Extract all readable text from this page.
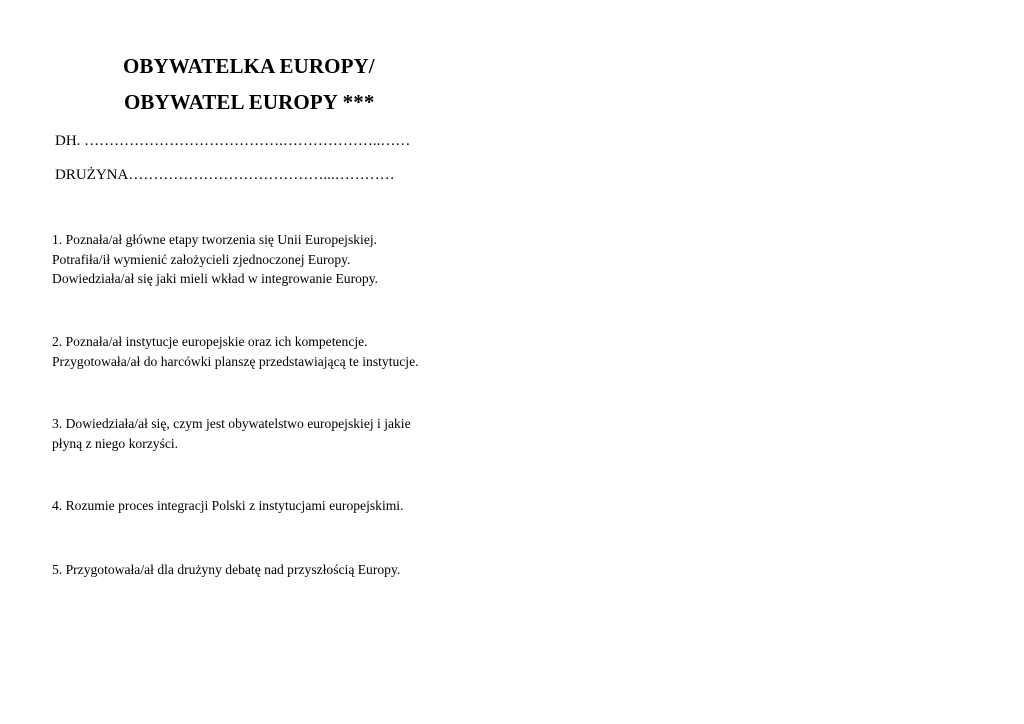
OBYWATELKA EUROPY/
OBYWATEL EUROPY ***
DH. ………………………………….………………..……
DRUŻYNA…………………………………...…………
1. Poznała/ał główne etapy tworzenia się Unii Europejskiej.
Potrafiła/ił wymienić założycieli zjednoczonej Europy.
Dowiedziała/ał się jaki mieli wkład w integrowanie Europy.
2. Poznała/ał instytucje europejskie oraz ich kompetencje.
Przygotowała/ał do harcówki planszę przedstawiającą te instytucje.
3. Dowiedziała/ał się, czym jest obywatelstwo europejskiej i jakie
płyną z niego korzyści.
4. Rozumie proces integracji Polski z instytucjami europejskimi.
5. Przygotowała/ał dla drużyny debatę nad przyszłością Europy.
